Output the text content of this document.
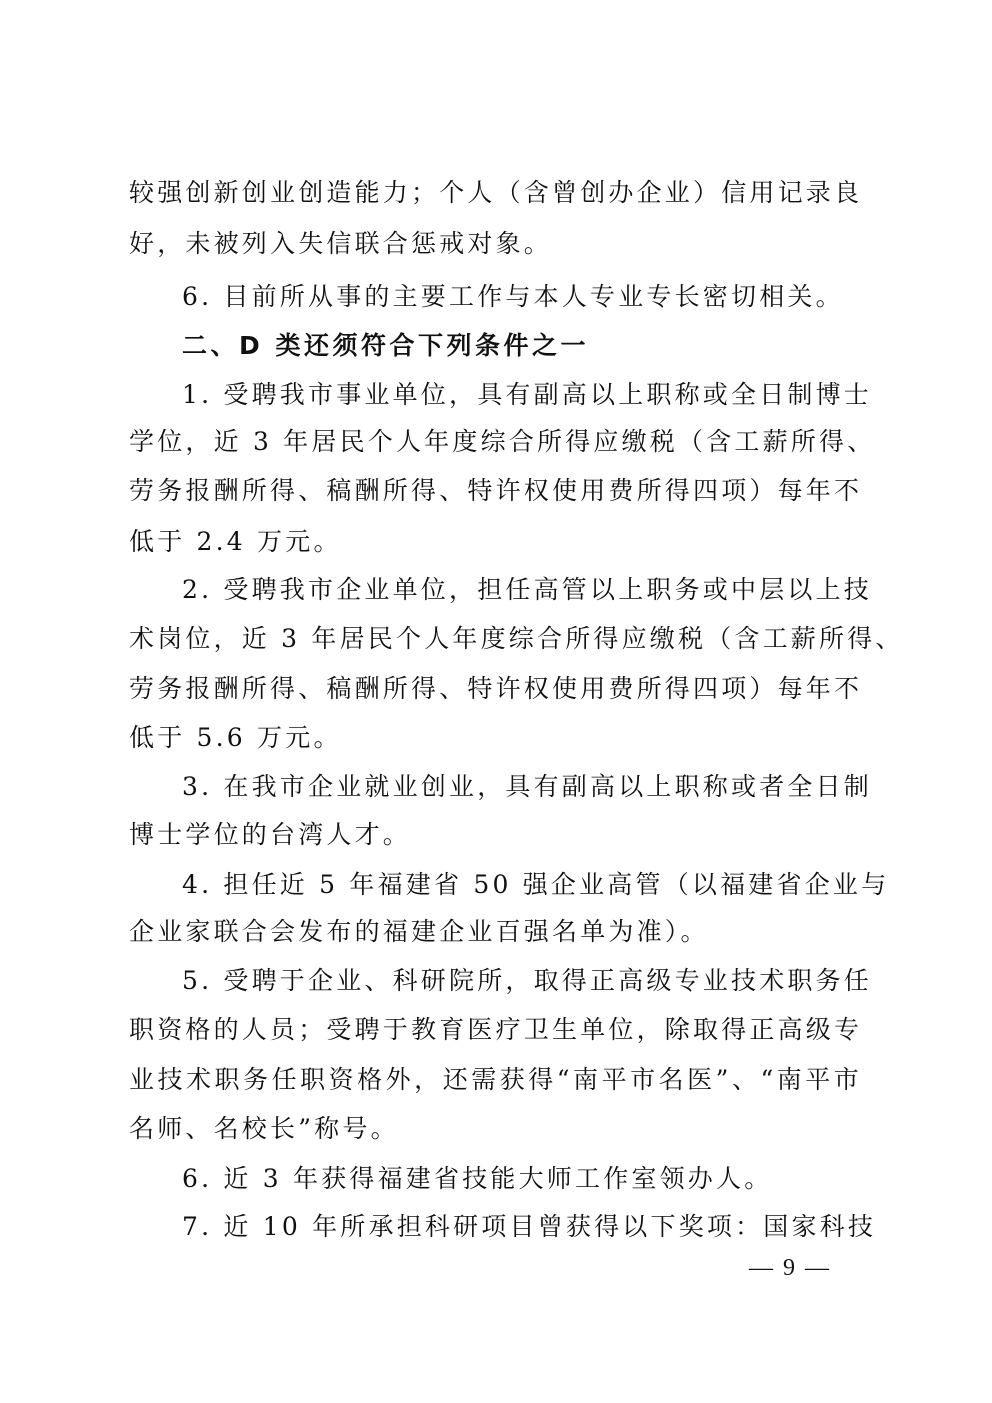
较强创新创业创造能力；个人（含曾创办企业）信用记录良
好，未被列入失信联合惩戒对象。
6. 目前所从事的主要工作与本人专业专长密切相关。
二、D 类还须符合下列条件之一
1. 受聘我市事业单位，具有副高以上职称或全日制博士
学位，近 3 年居民个人年度综合所得应缴税（含工薪所得、
劳务报酬所得、稿酬所得、特许权使用费所得四项）每年不
低于 2.4 万元。
2. 受聘我市企业单位，担任高管以上职务或中层以上技
术岗位，近 3 年居民个人年度综合所得应缴税（含工薪所得、
劳务报酬所得、稿酬所得、特许权使用费所得四项）每年不
低于 5.6 万元。
3. 在我市企业就业创业，具有副高以上职称或者全日制
博士学位的台湾人才。
4. 担任近 5 年福建省 50 强企业高管（以福建省企业与
企业家联合会发布的福建企业百强名单为准）。
5. 受聘于企业、科研院所，取得正高级专业技术职务任
职资格的人员；受聘于教育医疗卫生单位，除取得正高级专
业技术职务任职资格外，还需获得“南平市名医”、“南平市
名师、名校长”称号。
6. 近 3 年获得福建省技能大师工作室领办人。
7. 近 10 年所承担科研项目曾获得以下奖项：国家科技
— 9 —
